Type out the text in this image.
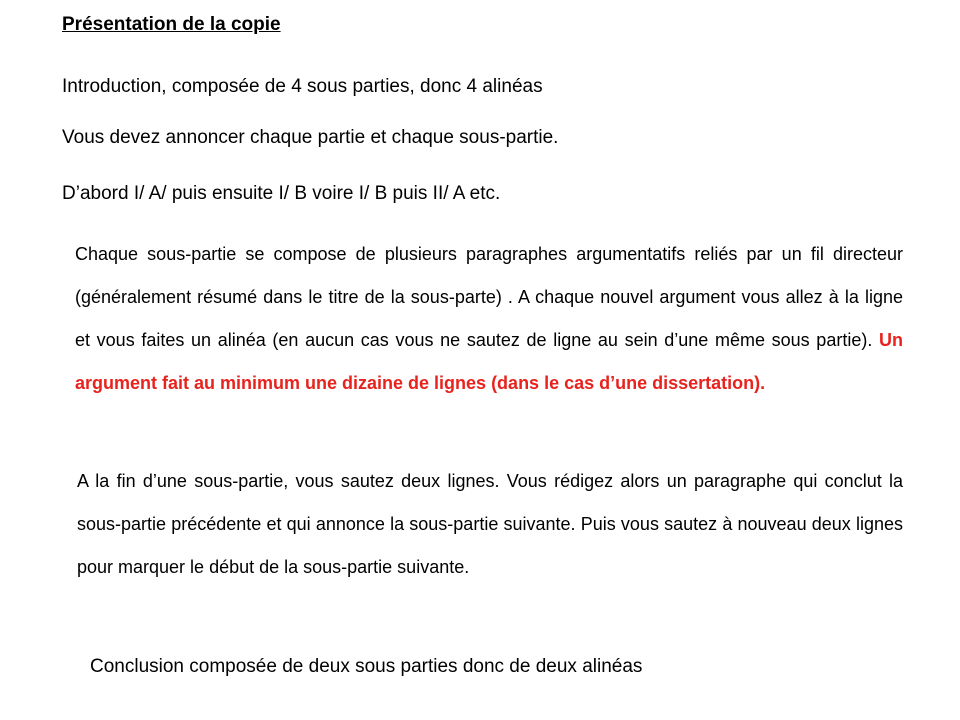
Présentation de la copie
Introduction, composée de 4 sous parties, donc 4 alinéas
Vous devez annoncer chaque partie et chaque sous-partie.
D’abord I/ A/ puis ensuite I/ B voire I/ B puis II/ A etc.
Chaque sous-partie se compose de plusieurs paragraphes argumentatifs reliés par un fil directeur (généralement résumé dans le titre de la sous-parte) . A chaque nouvel argument vous allez à la ligne et vous faites un alinéa (en aucun cas vous ne sautez de ligne au sein d’une même sous partie). Un argument fait au minimum une dizaine de lignes (dans le cas d’une dissertation).
A la fin d’une sous-partie, vous sautez deux lignes. Vous rédigez alors un paragraphe qui conclut la sous-partie précédente et qui annonce la sous-partie suivante. Puis vous sautez à nouveau deux lignes pour marquer le début de la sous-partie suivante.
Conclusion composée de deux sous parties donc de deux alinéas
